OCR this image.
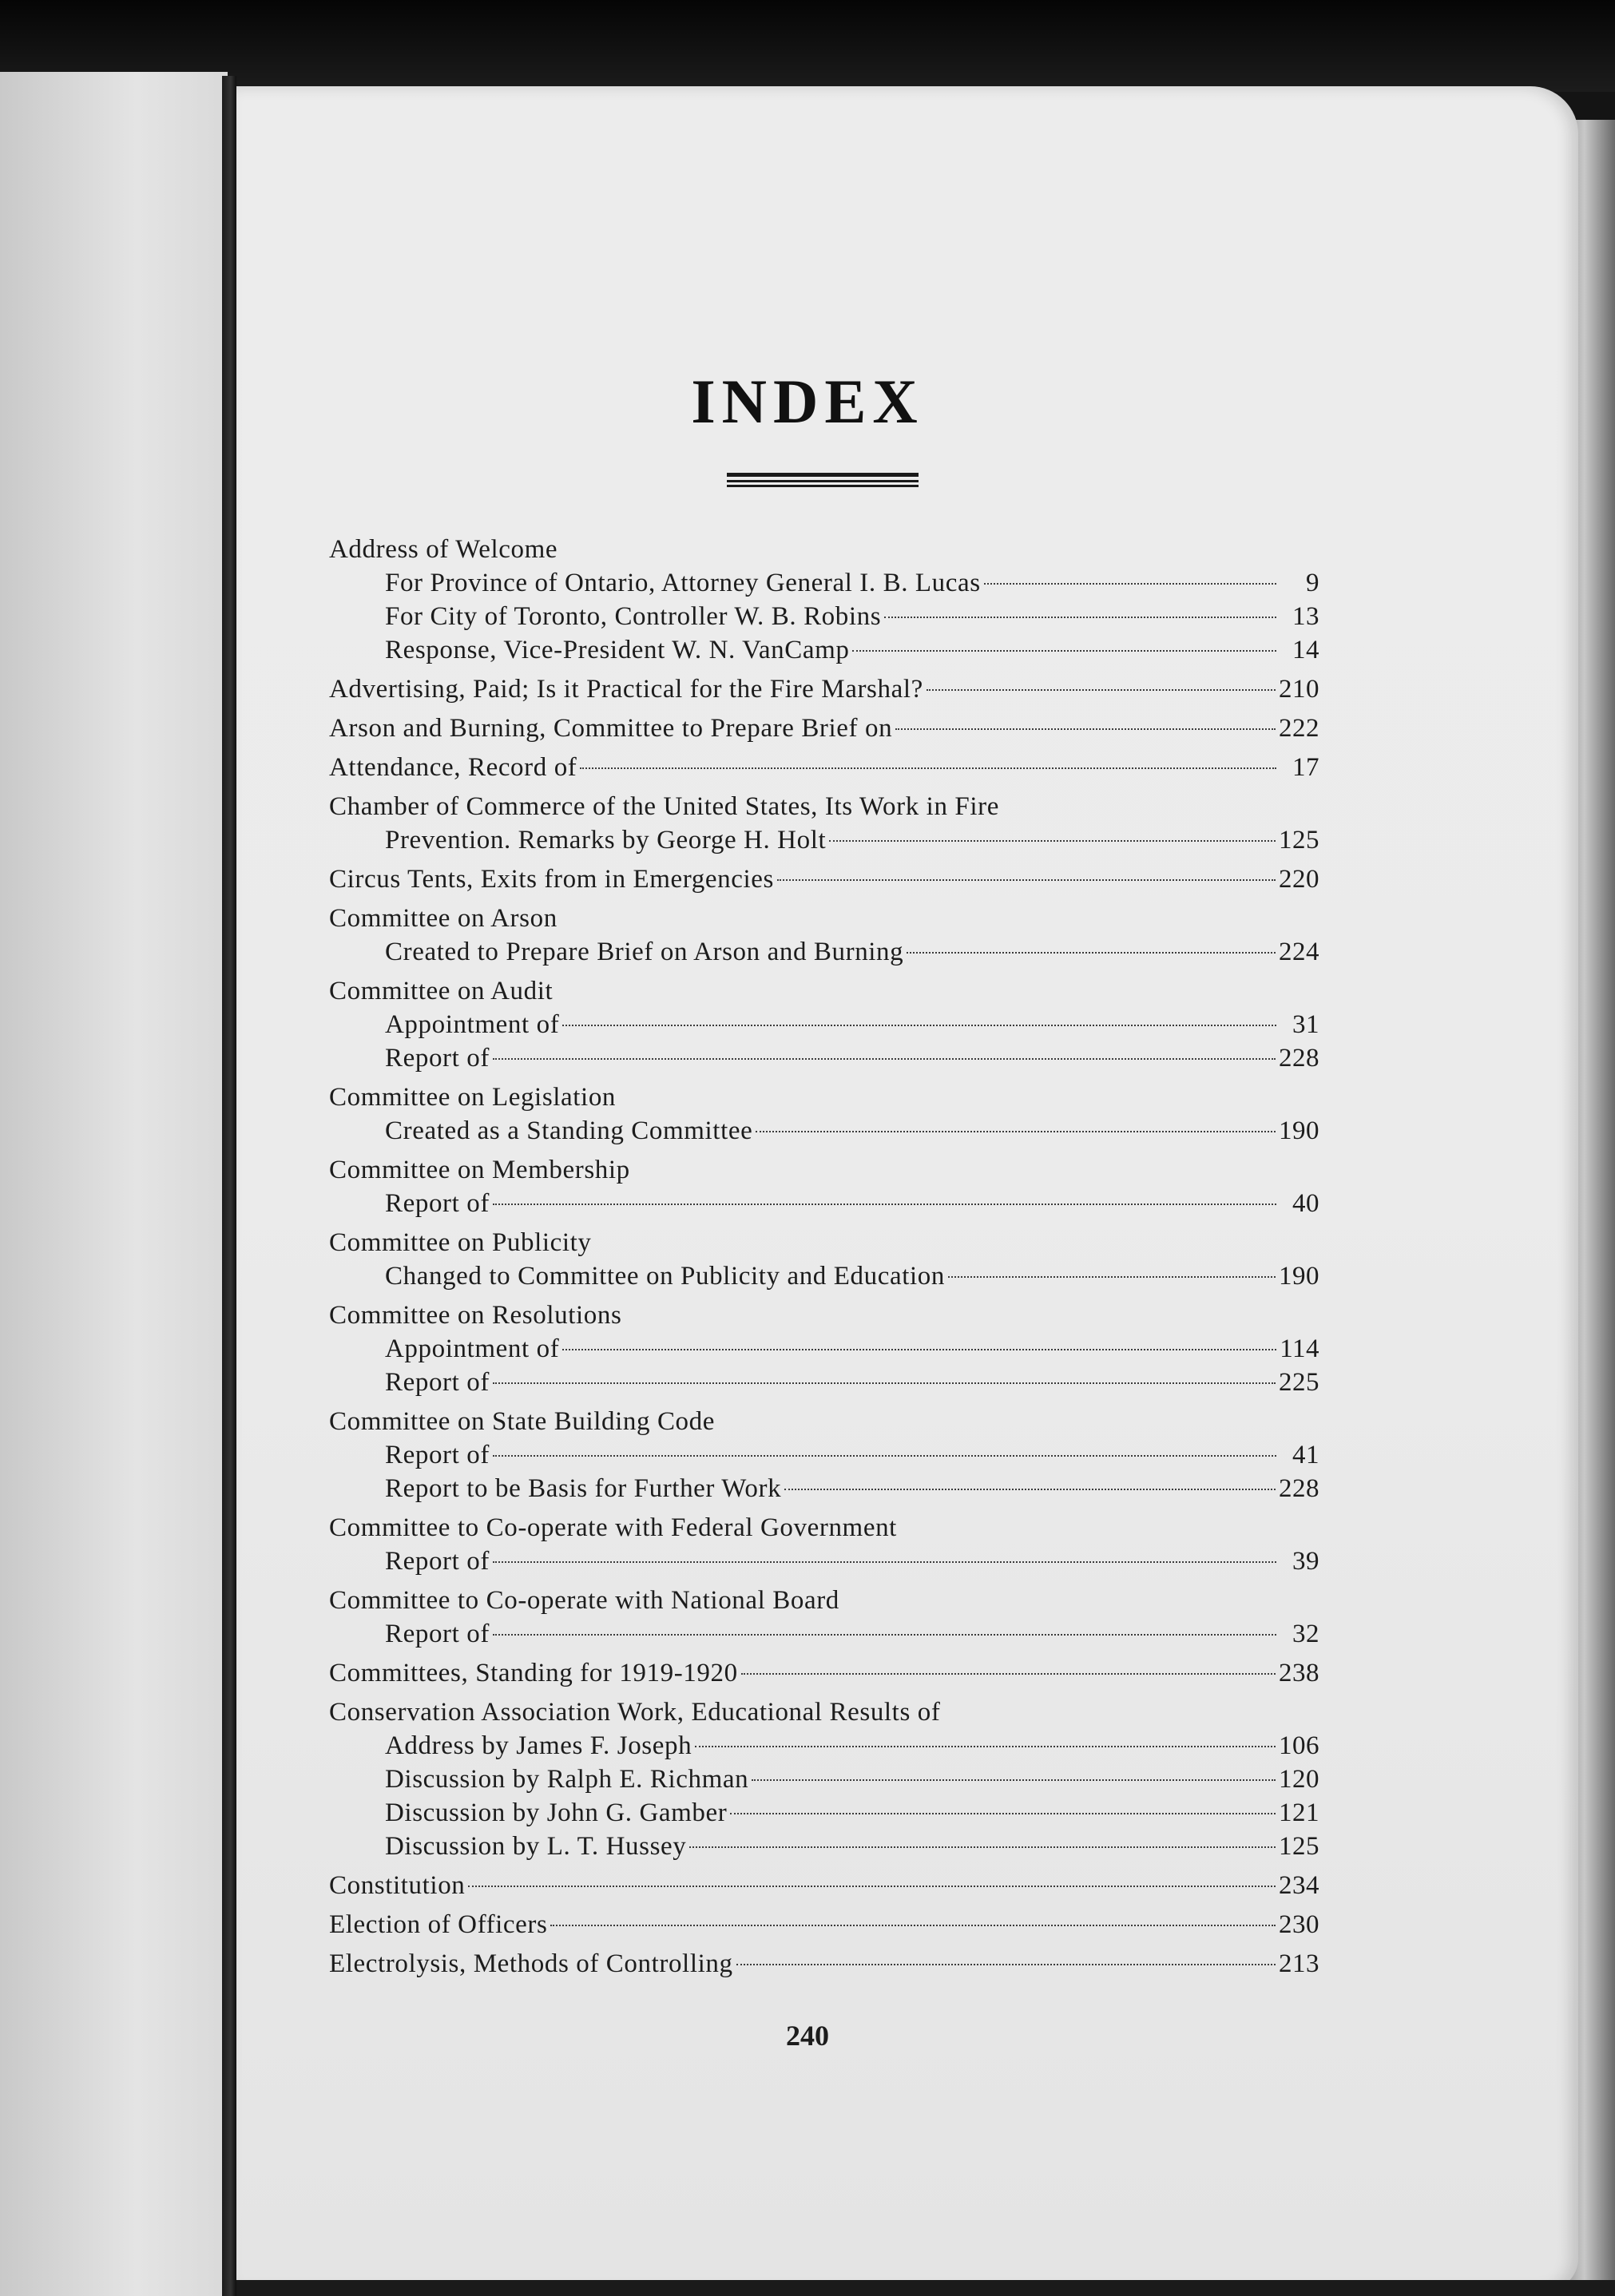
INDEX
Address of Welcome
For Province of Ontario, Attorney General I. B. Lucas	9
For City of Toronto, Controller W. B. Robins	13
Response, Vice-President W. N. VanCamp	14
Advertising, Paid; Is it Practical for the Fire Marshal?	210
Arson and Burning, Committee to Prepare Brief on	222
Attendance, Record of	17
Chamber of Commerce of the United States, Its Work in Fire
Prevention. Remarks by George H. Holt	125
Circus Tents, Exits from in Emergencies	220
Committee on Arson
Created to Prepare Brief on Arson and Burning	224
Committee on Audit
Appointment of	31
Report of	228
Committee on Legislation
Created as a Standing Committee	190
Committee on Membership
Report of	40
Committee on Publicity
Changed to Committee on Publicity and Education	190
Committee on Resolutions
Appointment of	114
Report of	225
Committee on State Building Code
Report of	41
Report to be Basis for Further Work	228
Committee to Co-operate with Federal Government
Report of	39
Committee to Co-operate with National Board
Report of	32
Committees, Standing for 1919-1920	238
Conservation Association Work, Educational Results of
Address by James F. Joseph	106
Discussion by Ralph E. Richman	120
Discussion by John G. Gamber	121
Discussion by L. T. Hussey	125
Constitution	234
Election of Officers	230
Electrolysis, Methods of Controlling	213
240
